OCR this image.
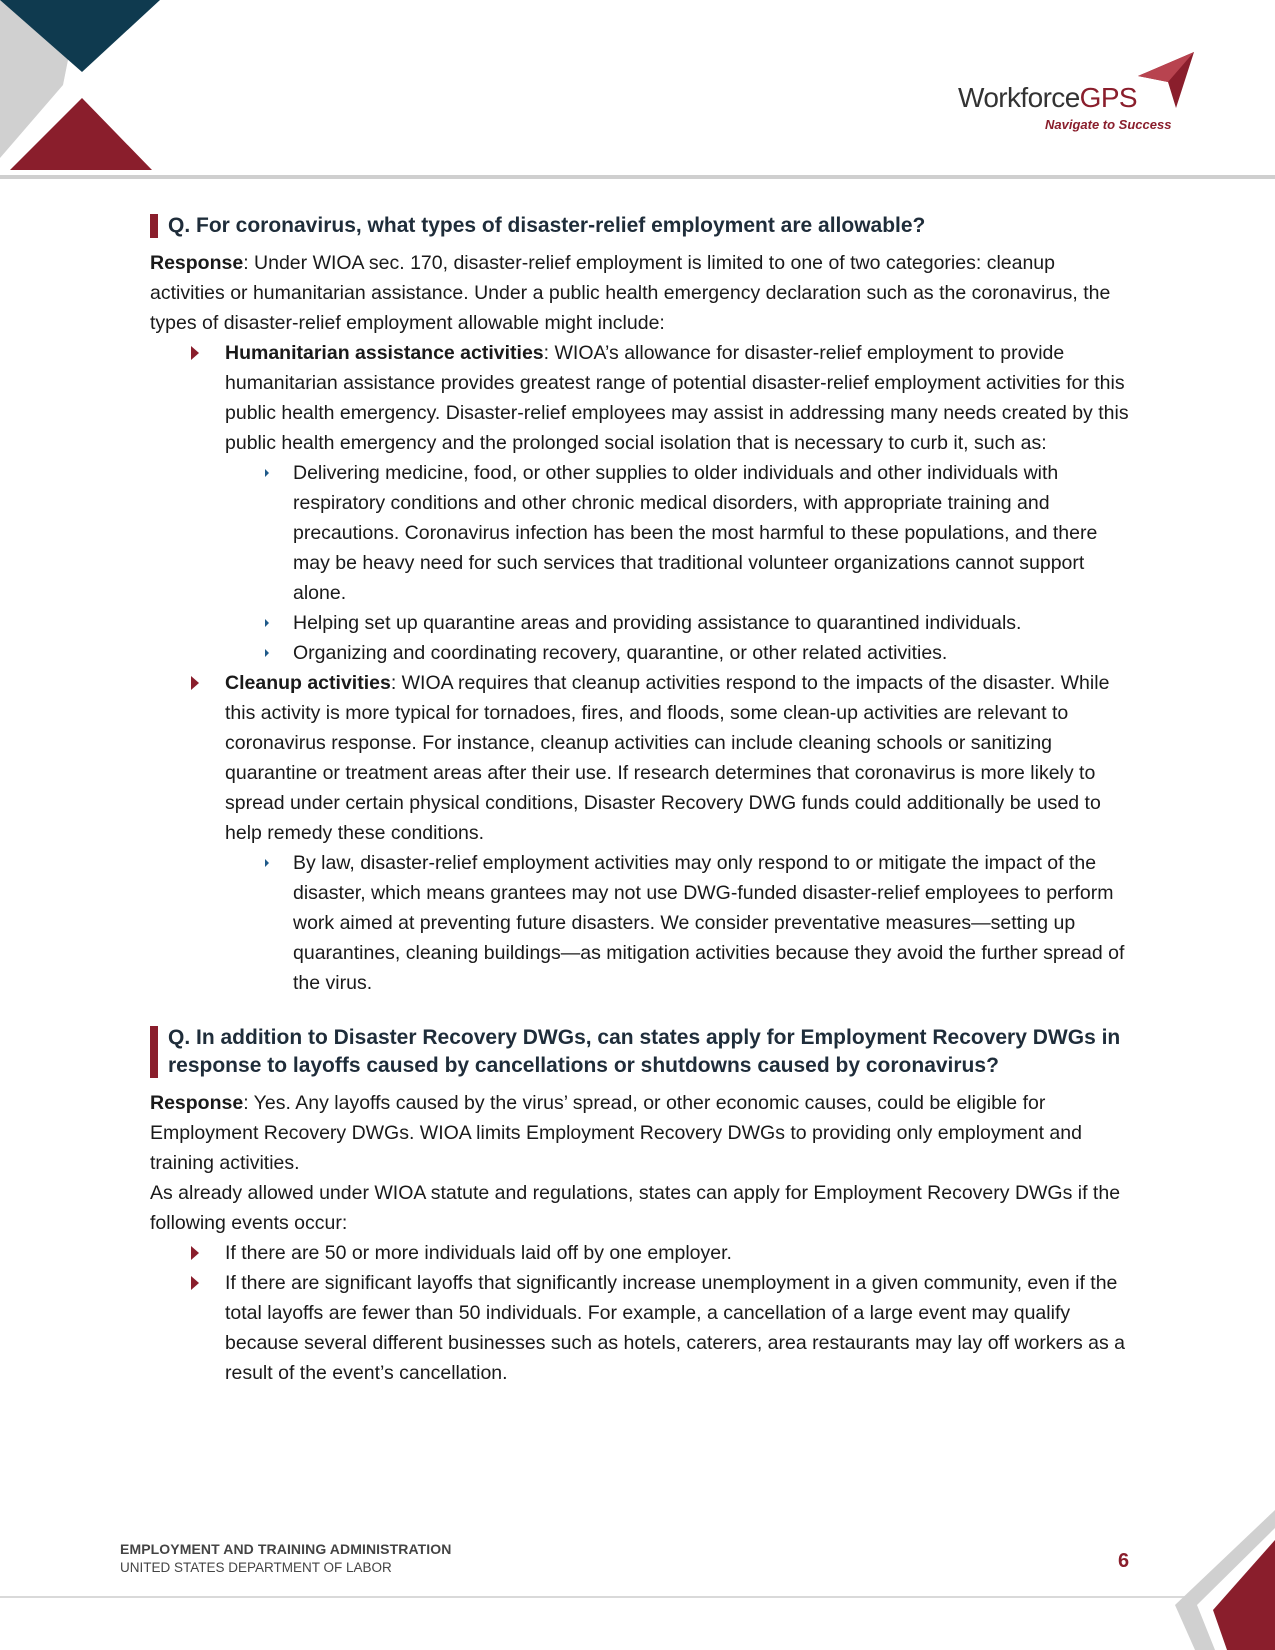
WorkforceGPS
Navigate to Success
Q. For coronavirus, what types of disaster-relief employment are allowable?

Response: Under WIOA sec. 170, disaster-relief employment is limited to one of two categories: cleanup activities or humanitarian assistance. Under a public health emergency declaration such as the coronavirus, the types of disaster-relief employment allowable might include:

Humanitarian assistance activities: WIOA’s allowance for disaster-relief employment to provide humanitarian assistance provides greatest range of potential disaster-relief employment activities for this public health emergency. Disaster-relief employees may assist in addressing many needs created by this public health emergency and the prolonged social isolation that is necessary to curb it, such as:
Delivering medicine, food, or other supplies to older individuals and other individuals with respiratory conditions and other chronic medical disorders, with appropriate training and precautions. Coronavirus infection has been the most harmful to these populations, and there may be heavy need for such services that traditional volunteer organizations cannot support alone.
Helping set up quarantine areas and providing assistance to quarantined individuals.
Organizing and coordinating recovery, quarantine, or other related activities.
Cleanup activities: WIOA requires that cleanup activities respond to the impacts of the disaster. While this activity is more typical for tornadoes, fires, and floods, some clean-up activities are relevant to coronavirus response. For instance, cleanup activities can include cleaning schools or sanitizing quarantine or treatment areas after their use. If research determines that coronavirus is more likely to spread under certain physical conditions, Disaster Recovery DWG funds could additionally be used to help remedy these conditions.
By law, disaster-relief employment activities may only respond to or mitigate the impact of the disaster, which means grantees may not use DWG-funded disaster-relief employees to perform work aimed at preventing future disasters. We consider preventative measures—setting up quarantines, cleaning buildings—as mitigation activities because they avoid the further spread of the virus.
Q. In addition to Disaster Recovery DWGs, can states apply for Employment Recovery DWGs in response to layoffs caused by cancellations or shutdowns caused by coronavirus?

Response: Yes. Any layoffs caused by the virus’ spread, or other economic causes, could be eligible for Employment Recovery DWGs. WIOA limits Employment Recovery DWGs to providing only employment and training activities.

As already allowed under WIOA statute and regulations, states can apply for Employment Recovery DWGs if the following events occur:

If there are 50 or more individuals laid off by one employer.
If there are significant layoffs that significantly increase unemployment in a given community, even if the total layoffs are fewer than 50 individuals. For example, a cancellation of a large event may qualify because several different businesses such as hotels, caterers, area restaurants may lay off workers as a result of the event’s cancellation.
EMPLOYMENT AND TRAINING ADMINISTRATION
UNITED STATES DEPARTMENT OF LABOR	6
